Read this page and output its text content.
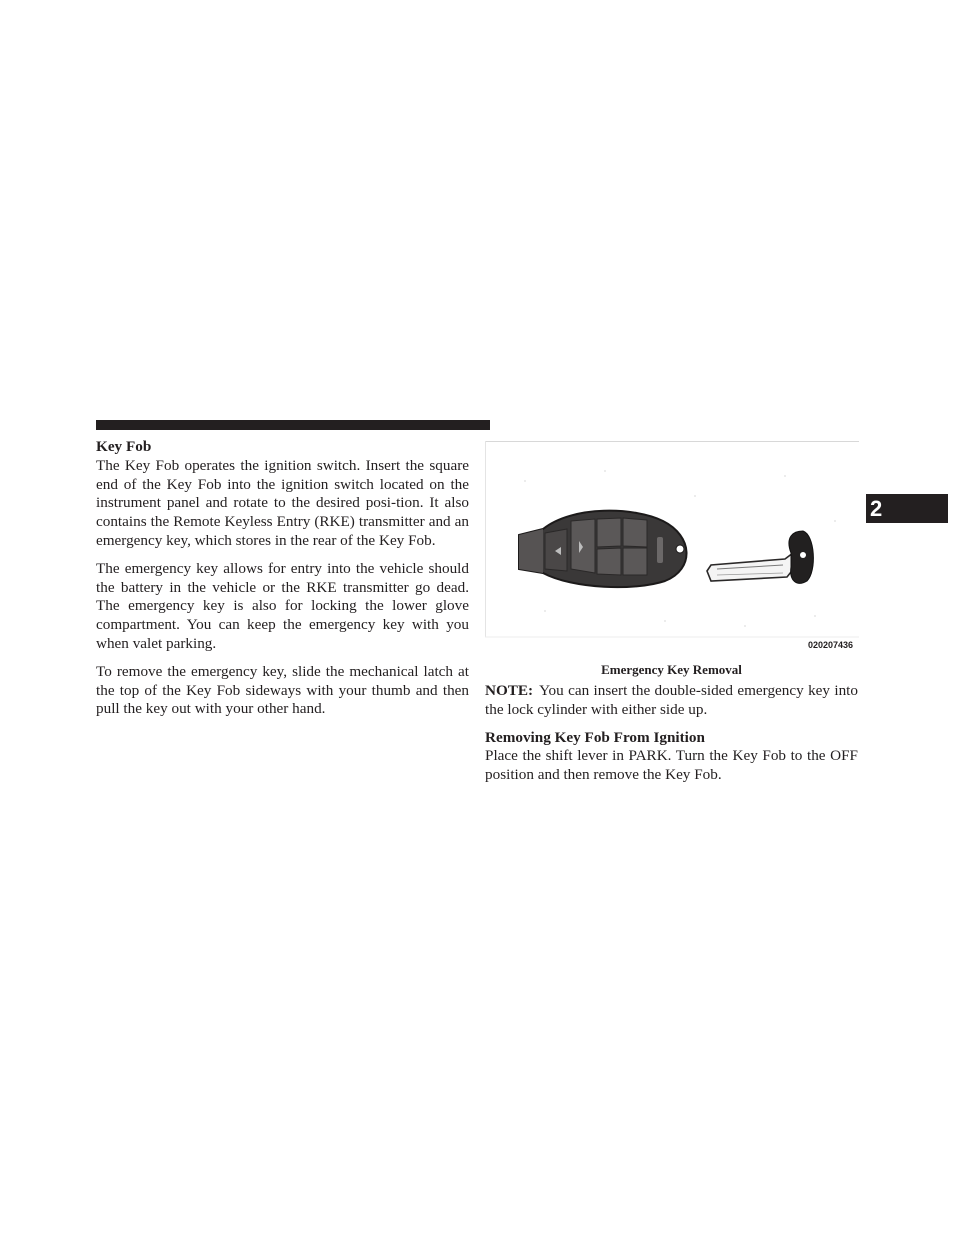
Key Fob

The Key Fob operates the ignition switch. Insert the square end of the Key Fob into the ignition switch located on the instrument panel and rotate to the desired posi-tion. It also contains the Remote Keyless Entry (RKE) transmitter and an emergency key, which stores in the rear of the Key Fob.

The emergency key allows for entry into the vehicle should the battery in the vehicle or the RKE transmitter go dead. The emergency key is also for locking the lower glove compartment. You can keep the emergency key with you when valet parking.

To remove the emergency key, slide the mechanical latch at the top of the Key Fob sideways with your thumb and then pull the key out with your other hand.

020207436
Emergency Key Removal

NOTE: You can insert the double-sided emergency key into the lock cylinder with either side up.

Removing Key Fob From Ignition

Place the shift lever in PARK. Turn the Key Fob to the OFF position and then remove the Key Fob.

2
